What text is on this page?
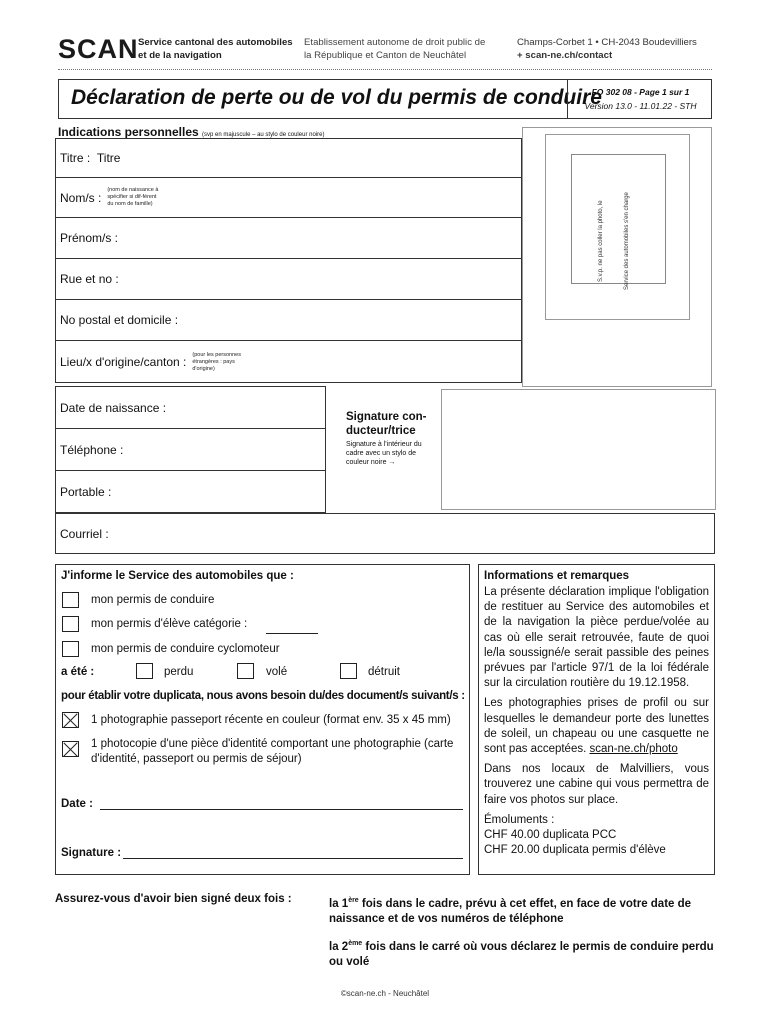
SCAN Service cantonal des automobiles
et de la navigation
Etablissement autonome de droit public de
la République et Canton de Neuchâtel
Champs-Corbet 1 • CH-2043 Boudevilliers
+ scan-ne.ch/contact
Déclaration de perte ou de vol du permis de conduire
FO 302 08 - Page 1 sur 1
Version 13.0 - 11.01.22 - STH
Indications personnelles (svp en majuscule – au stylo de couleur noire)
Titre :
Titre
Nom/s :
(nom de naissance à spécifier si dif-férent du nom de famille)
Prénom/s :
Rue et no :
No postal et domicile :
Lieu/x d'origine/canton :
(pour les personnes étrangères : pays d'origine)
S.v.p. ne pas coller la photo, le	Service des automobiles s'en charge
Date de naissance :
Téléphone :
Portable :
Signature con-ducteur/trice
Signature à l'intérieur du cadre avec un stylo de couleur noire →
Courriel :
J'informe le Service des automobiles que :
mon permis de conduire
mon permis d'élève catégorie :
mon permis de conduire cyclomoteur
a été :	perdu	volé	détruit
pour établir votre duplicata, nous avons besoin du/des document/s suivant/s :
1 photographie passeport récente en couleur (format env. 35 x 45 mm)
1 photocopie d'une pièce d'identité comportant une photographie (carte
d'identité, passeport ou permis de séjour)
Date :
Signature :
Informations et remarques

La présente déclaration implique l'obligation de restituer au Service des automobiles et de la navigation la pièce perdue/volée au cas où elle serait retrouvée, faute de quoi le/la soussigné/e serait passible des peines prévues par l'article 97/1 de la loi fédérale sur la circulation routière du 19.12.1958.

Les photographies prises de profil ou sur lesquelles le demandeur porte des lunettes de soleil, un chapeau ou une casquette ne sont pas acceptées. scan-ne.ch/photo

Dans nos locaux de Malvilliers, vous trouverez une cabine qui vous permettra de faire vos photos sur place.

Émoluments :
CHF 40.00 duplicata PCC
CHF 20.00 duplicata permis d'élève

Assurez-vous d'avoir bien signé deux fois :	la 1ère fois dans le cadre, prévu à cet effet, en face de votre date de naissance et de vos numéros de téléphone

la 2ème fois dans le carré où vous déclarez le permis de conduire perdu ou volé

©scan-ne.ch - Neuchâtel
